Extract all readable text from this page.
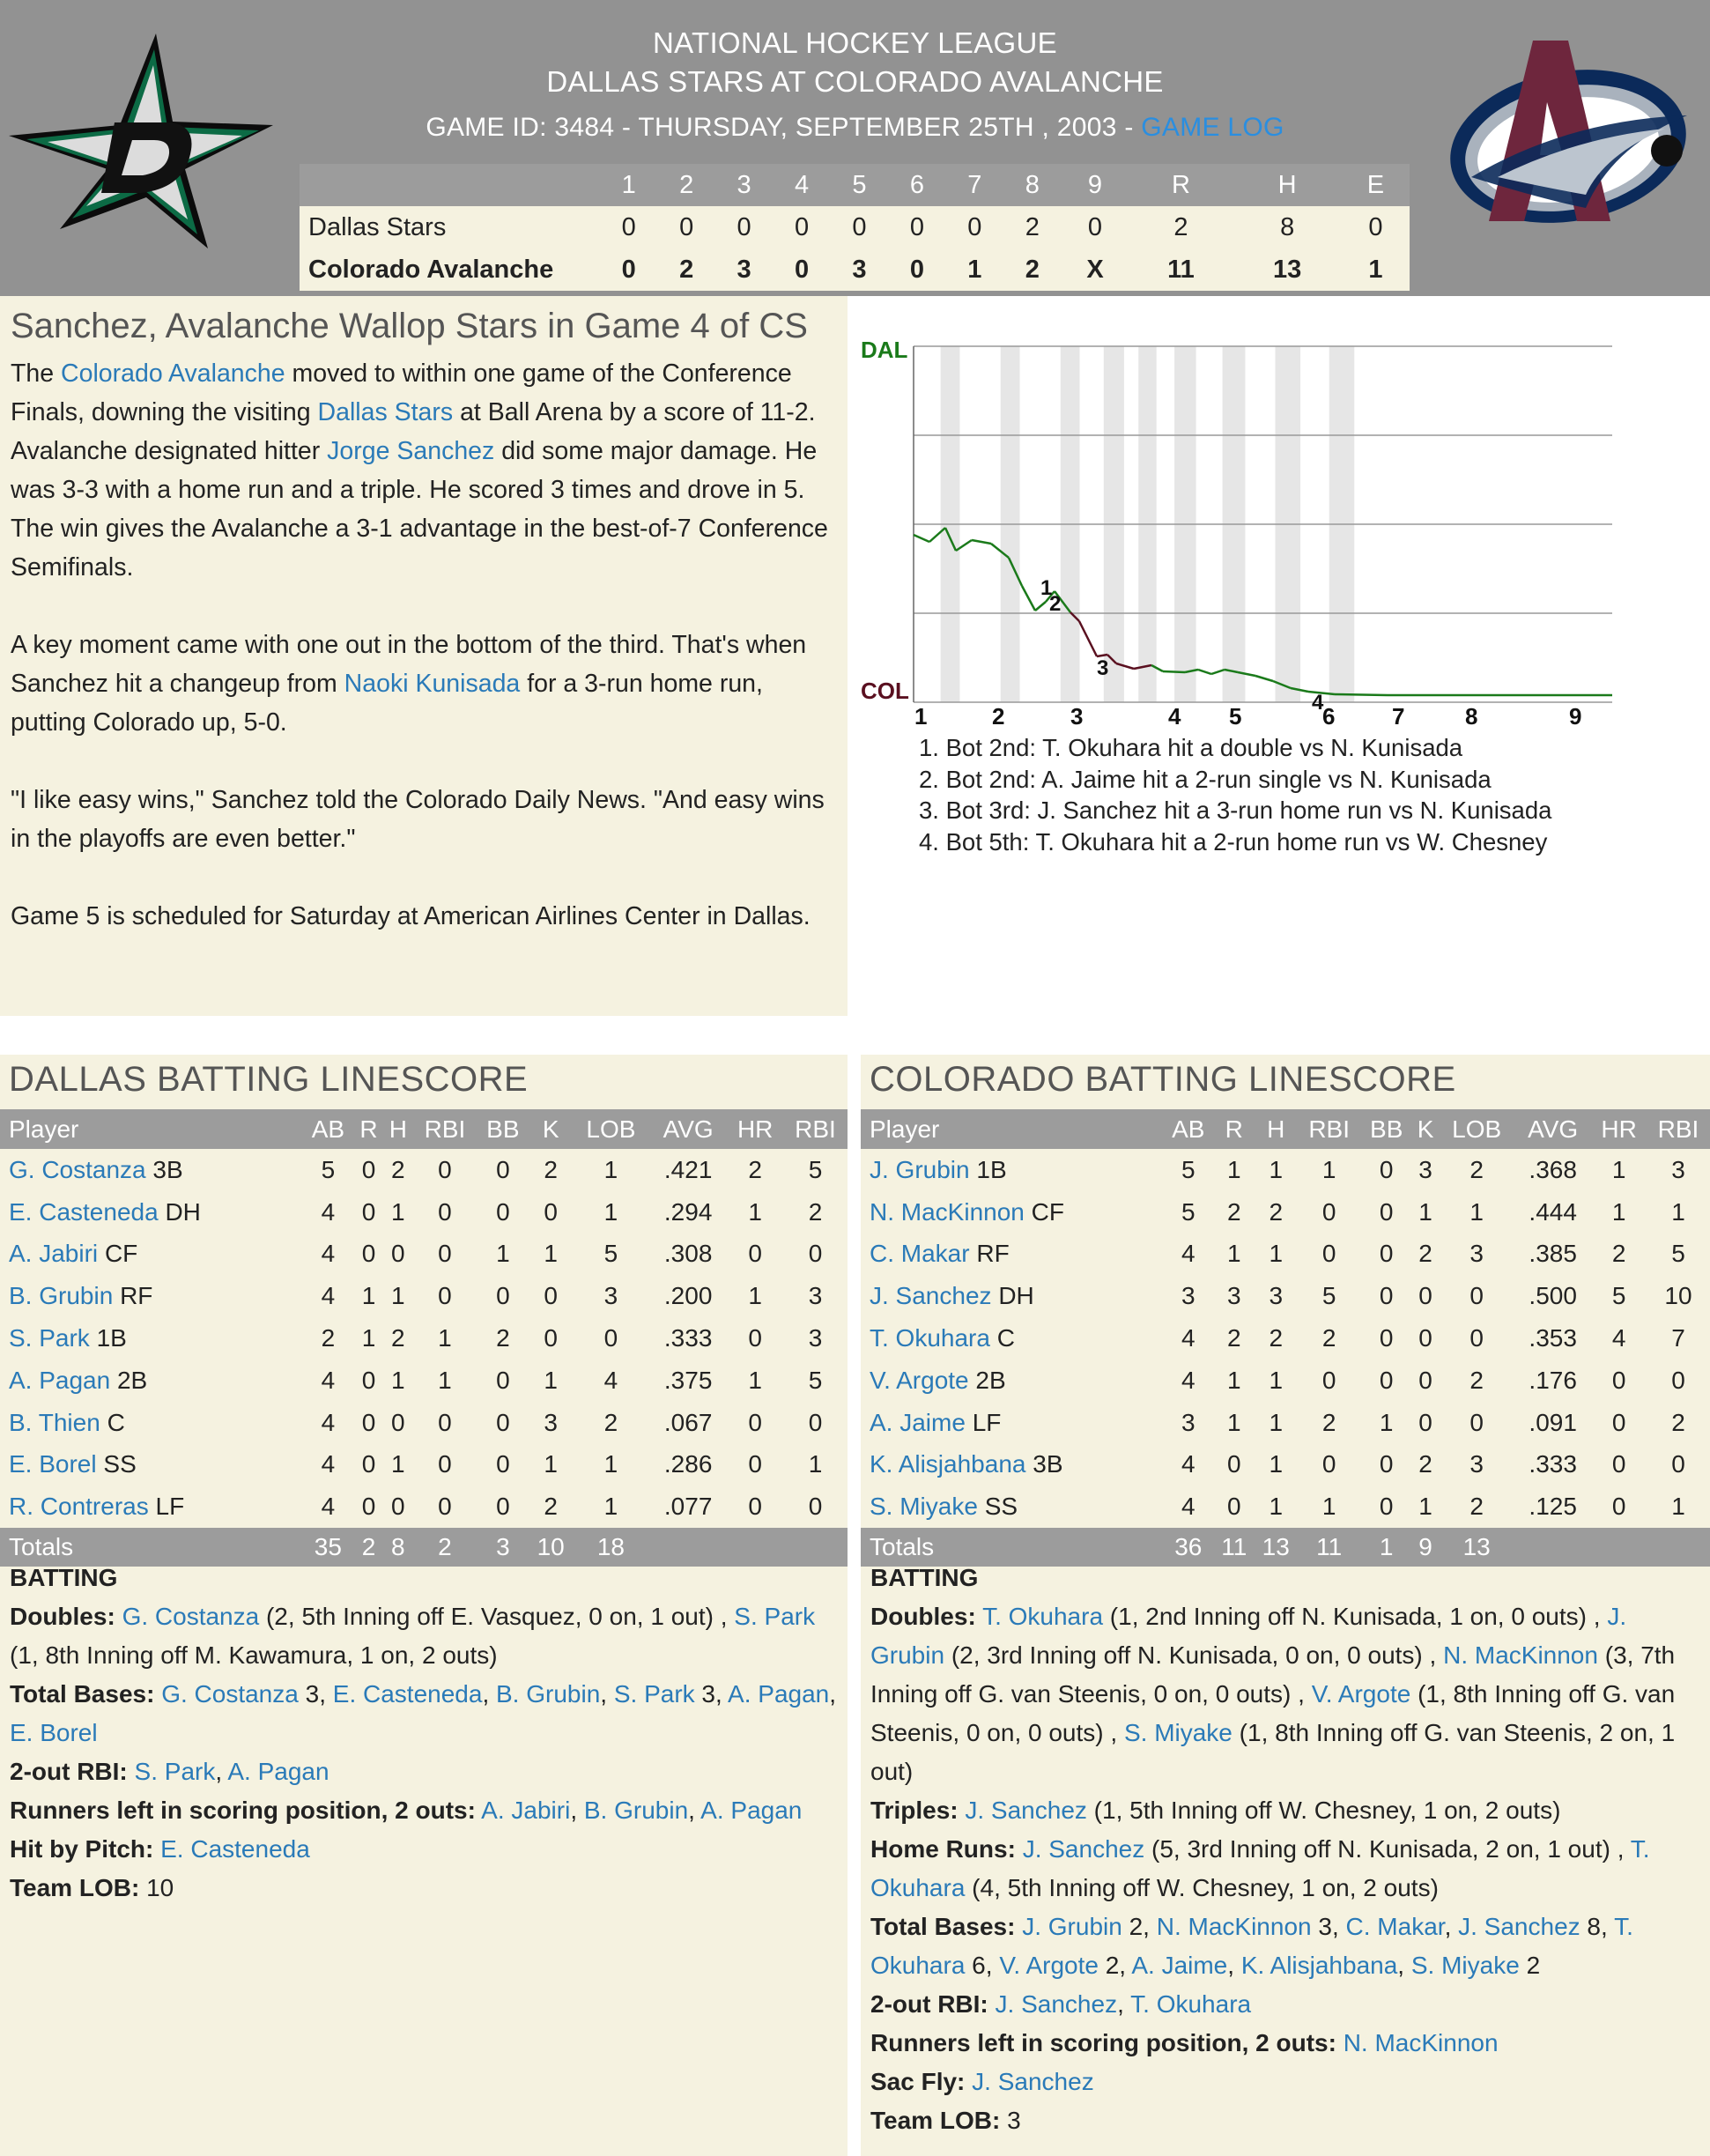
NATIONAL HOCKEY LEAGUE
DALLAS STARS AT COLORADO AVALANCHE
GAME ID: 3484 - THURSDAY, SEPTEMBER 25TH , 2003 - GAME LOG
	1	2	3	4	5	6	7	8	9	R	H	E
Dallas Stars	0	0	0	0	0	0	0	2	0	2	8	0
Colorado Avalanche	0	2	3	0	3	0	1	2	X	11	13	1
Sanchez, Avalanche Wallop Stars in Game 4 of CS

The Colorado Avalanche moved to within one game of the Conference Finals, downing the visiting Dallas Stars at Ball Arena by a score of 11-2. Avalanche designated hitter Jorge Sanchez did some major damage. He was 3-3 with a home run and a triple. He scored 3 times and drove in 5. The win gives the Avalanche a 3-1 advantage in the best-of-7 Conference Semifinals.

A key moment came with one out in the bottom of the third. That's when Sanchez hit a changeup from Naoki Kunisada for a 3-run home run, putting Colorado up, 5-0.

"I like easy wins," Sanchez told the Colorado Daily News. "And easy wins in the playoffs are even better."

Game 5 is scheduled for Saturday at American Airlines Center in Dallas.

DAL
COL
1	2	3	4 5	6 7	8	9
1
2
3
4
1. Bot 2nd: T. Okuhara hit a double vs N. Kunisada
2. Bot 2nd: A. Jaime hit a 2-run single vs N. Kunisada
3. Bot 3rd: J. Sanchez hit a 3-run home run vs N. Kunisada
4. Bot 5th: T. Okuhara hit a 2-run home run vs W. Chesney
DALLAS BATTING LINESCORE
Player	AB	R	H	RBI	BB	K	LOB	AVG	HR	RBI
G. Costanza 3B	5	0	2	0	0	2	1	.421	2	5
E. Casteneda DH	4	0	1	0	0	0	1	.294	1	2
A. Jabiri CF	4	0	0	0	1	1	5	.308	0	0
B. Grubin RF	4	1	1	0	0	0	3	.200	1	3
S. Park 1B	2	1	2	1	2	0	0	.333	0	3
A. Pagan 2B	4	0	1	1	0	1	4	.375	1	5
B. Thien C	4	0	0	0	0	3	2	.067	0	0
E. Borel SS	4	0	1	0	0	1	1	.286	0	1
R. Contreras LF	4	0	0	0	0	2	1	.077	0	0
Totals	35	2	8	2	3	10	18			

BATTING

Doubles: G. Costanza (2, 5th Inning off E. Vasquez, 0 on, 1 out) , S. Park (1, 8th Inning off M. Kawamura, 1 on, 2 outs)

Total Bases: G. Costanza 3, E. Casteneda, B. Grubin, S. Park 3, A. Pagan, E. Borel

2-out RBI: S. Park, A. Pagan

Runners left in scoring position, 2 outs: A. Jabiri, B. Grubin, A. Pagan

Hit by Pitch: E. Casteneda

Team LOB: 10

COLORADO BATTING LINESCORE
Player	AB	R	H	RBI	BB	K	LOB	AVG	HR	RBI
J. Grubin 1B	5	1	1	1	0	3	2	.368	1	3
N. MacKinnon CF	5	2	2	0	0	1	1	.444	1	1
C. Makar RF	4	1	1	0	0	2	3	.385	2	5
J. Sanchez DH	3	3	3	5	0	0	0	.500	5	10
T. Okuhara C	4	2	2	2	0	0	0	.353	4	7
V. Argote 2B	4	1	1	0	0	0	2	.176	0	0
A. Jaime LF	3	1	1	2	1	0	0	.091	0	2
K. Alisjahbana 3B	4	0	1	0	0	2	3	.333	0	0
S. Miyake SS	4	0	1	1	0	1	2	.125	0	1
Totals	36	11	13	11	1	9	13			

BATTING

Doubles: T. Okuhara (1, 2nd Inning off N. Kunisada, 1 on, 0 outs) , J. Grubin (2, 3rd Inning off N. Kunisada, 0 on, 0 outs) , N. MacKinnon (3, 7th Inning off G. van Steenis, 0 on, 0 outs) , V. Argote (1, 8th Inning off G. van Steenis, 0 on, 0 outs) , S. Miyake (1, 8th Inning off G. van Steenis, 2 on, 1 out)

Triples: J. Sanchez (1, 5th Inning off W. Chesney, 1 on, 2 outs)

Home Runs: J. Sanchez (5, 3rd Inning off N. Kunisada, 2 on, 1 out) , T. Okuhara (4, 5th Inning off W. Chesney, 1 on, 2 outs)

Total Bases: J. Grubin 2, N. MacKinnon 3, C. Makar, J. Sanchez 8, T. Okuhara 6, V. Argote 2, A. Jaime, K. Alisjahbana, S. Miyake 2

2-out RBI: J. Sanchez, T. Okuhara

Runners left in scoring position, 2 outs: N. MacKinnon

Sac Fly: J. Sanchez

Team LOB: 3
